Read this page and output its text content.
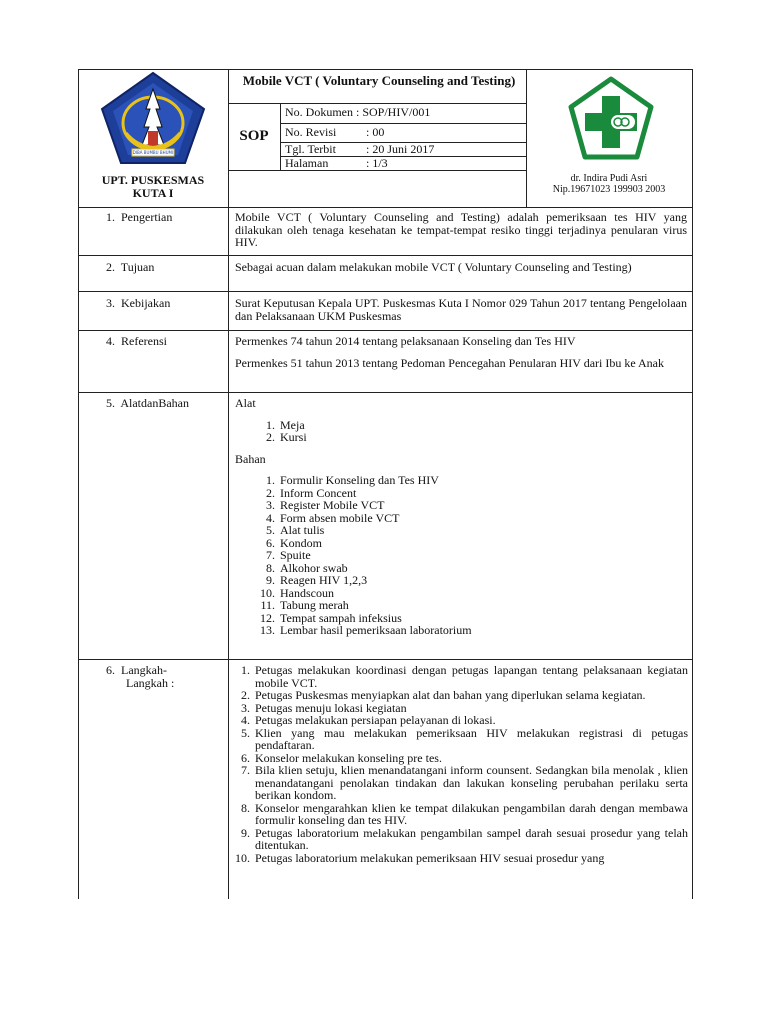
DIBA BUMBU BHUMI
Mobile VCT ( Voluntary Counseling and Testing)
SOP
No. Dokumen : SOP/HIV/001
No. Revisi : 00
Tgl. Terbit	: 20 Juni 2017
Halaman	: 1/3
UPT. PUSKESMAS
KUTA I
dr. Indira Pudi Asri
Nip.19671023 199903 2003
1.  Pengertian
2.  Tujuan
3.  Kebijakan
4.  Referensi
5.  AlatdanBahan
6.  Langkah-
Langkah :
Mobile VCT ( Voluntary Counseling and Testing) adalah pemeriksaan tes HIV yang dilakukan oleh tenaga kesehatan ke tempat-tempat resiko tinggi terjadinya penularan virus HIV.
Sebagai acuan dalam melakukan mobile VCT ( Voluntary Counseling and Testing)
Surat Keputusan Kepala UPT. Puskesmas Kuta I Nomor 029 Tahun 2017 tentang Pengelolaan dan Pelaksanaan UKM Puskesmas
Permenkes 74 tahun 2014 tentang pelaksanaan Konseling dan Tes HIV
Permenkes 51 tahun 2013 tentang Pedoman Pencegahan Penularan HIV dari Ibu ke Anak
Alat
1. Meja
2. Kursi
Bahan
1. Formulir Konseling dan Tes HIV
2. Inform Concent
3. Register Mobile VCT
4. Form absen mobile VCT
5. Alat tulis
6. Kondom
7. Spuite
8. Alkohor swab
9. Reagen HIV 1,2,3
10. Handscoun
11. Tabung merah
12. Tempat sampah infeksius
13. Lembar hasil pemeriksaan laboratorium
1. Petugas melakukan koordinasi dengan petugas lapangan tentang pelaksanaan kegiatan mobile VCT.
2. Petugas Puskesmas menyiapkan alat dan bahan yang diperlukan selama kegiatan.
3. Petugas menuju lokasi kegiatan
4. Petugas melakukan persiapan pelayanan di lokasi.
5. Klien yang mau melakukan pemeriksaan HIV melakukan registrasi di petugas pendaftaran.
6. Konselor melakukan konseling pre tes.
7. Bila klien setuju, klien menandatangani inform counsent. Sedangkan bila menolak , klien menandatangani penolakan tindakan dan lakukan konseling perubahan perilaku serta berikan kondom.
8. Konselor mengarahkan klien ke tempat dilakukan pengambilan darah dengan membawa formulir konseling dan tes HIV.
9. Petugas laboratorium melakukan pengambilan sampel darah sesuai prosedur yang telah ditentukan.
10. Petugas laboratorium melakukan pemeriksaan HIV sesuai prosedur yang
